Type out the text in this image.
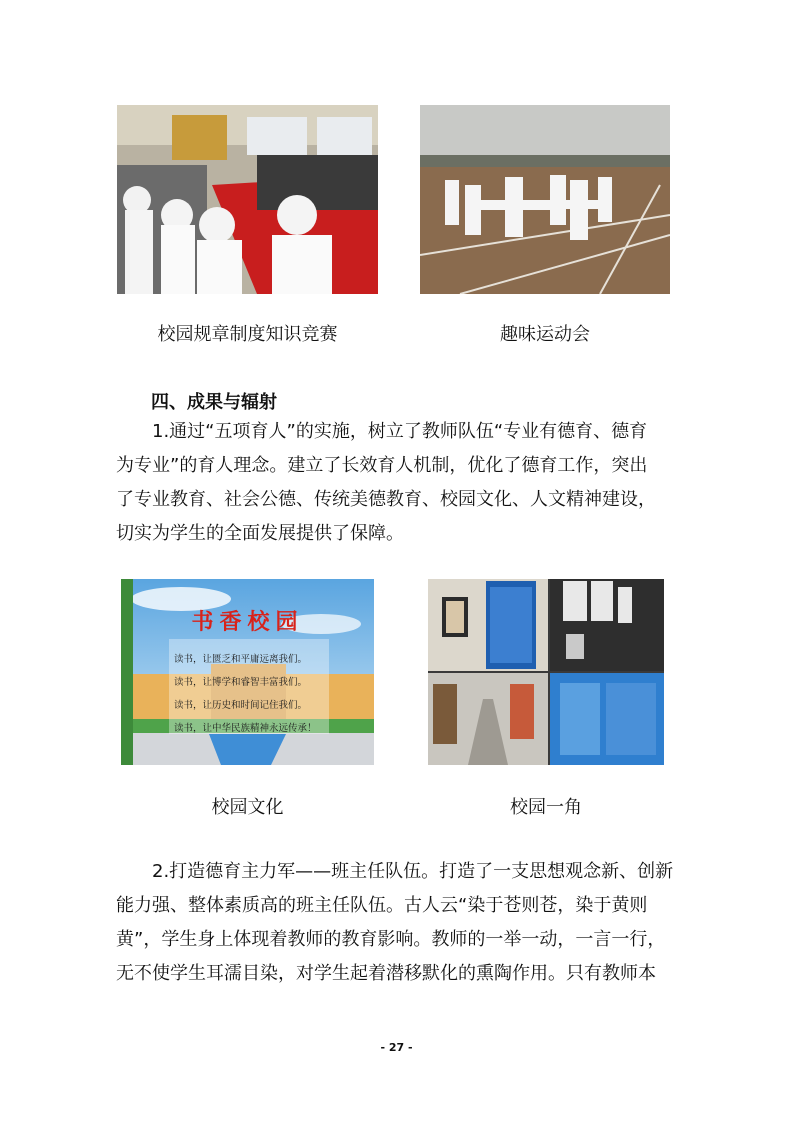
校园规章制度知识竞赛	趣味运动会
四、成果与辐射

1.通过“五项育人”的实施，树立了教师队伍“专业有德育、德育
为专业”的育人理念。建立了长效育人机制，优化了德育工作，突出
了专业教育、社会公德、传统美德教育、校园文化、人文精神建设，
切实为学生的全面发展提供了保障。

书香校园
读书，让匮乏和平庸远离我们。
读书，让博学和睿智丰富我们。
读书，让历史和时间记住我们。
读书，让中华民族精神永远传承！
校园文化	校园一角

2.打造德育主力军——班主任队伍。打造了一支思想观念新、创新
能力强、整体素质高的班主任队伍。古人云“染于苍则苍，染于黄则
黄”，学生身上体现着教师的教育影响。教师的一举一动，一言一行，
无不使学生耳濡目染，对学生起着潜移默化的熏陶作用。只有教师本

- 27 -
